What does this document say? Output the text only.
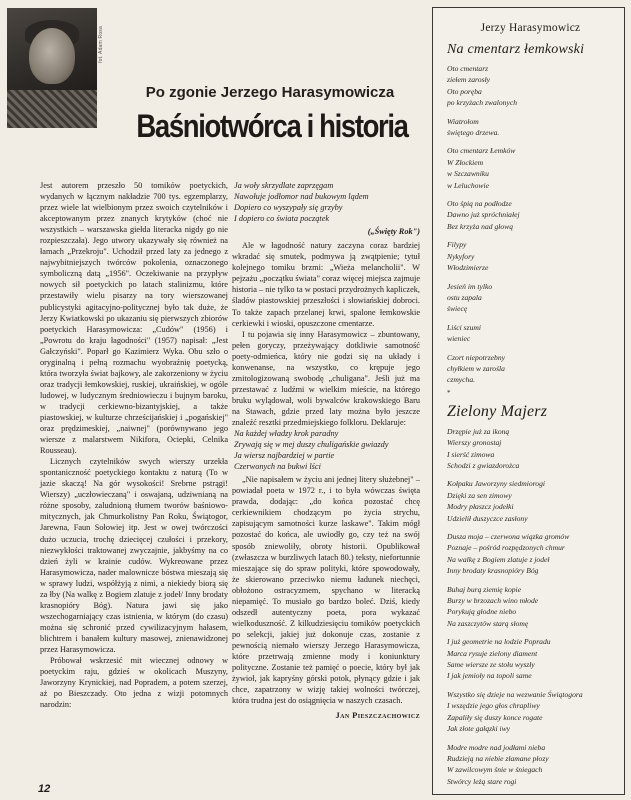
fot. Adam Rosa
Po zgonie Jerzego Harasymowicza
Baśniotwórca i historia

Jest autorem przeszło 50 tomików poetyckich, wydanych w łącznym nakładzie 700 tys. egzemplarzy, przez wiele lat wielbionym przez swoich czytelników i akceptowanym przez znanych krytyków (choć nie wszystkich – warszawska giełda literacka nigdy go nie rozpieszczała). Jego utwory ukazywały się również na łamach „Przekroju". Uchodził przed laty za jednego z najwybitniejszych twórców pokolenia, oznaczonego symboliczną datą „1956". Oczekiwanie na przypływ nowych sił poetyckich po latach stalinizmu, które przestawiły wielu pisarzy na tory wierszowanej publicystyki agitacyjno-politycznej było tak duże, że Jerzy Kwiatkowski po ukazaniu się pierwszych zbiorów poetyckich Harasymowicza: „Cudów" (1956) i „Powrotu do kraju łagodności" (1957) napisał: „Jest Gałczyński". Poparł go Kazimierz Wyka. Obu szło o oryginalną i pełną rozmachu wyobraźnię poetycką, która tworzyła świat bajkowy, ale zakorzeniony w życiu oraz tradycji łemkowskiej, ruskiej, ukraińskiej, w ogóle ludowej, w ludycznym średniowieczu i bujnym baroku, w tradycji cerkiewno-bizantyjskiej, a także piastowskiej, w kulturze chrześcijańskiej i „pogańskiej" oraz prędzimeskiej, „naiwnej" (porównywano jego wiersze z malarstwem Nikifora, Ociepki, Celnika Rousseau).

Licznych czytelników swych wierszy urzekła spontaniczność poetyckiego kontaktu z naturą (To w jazie skaczą! Na gór wysokości! Srebrne pstrągi! Wierszy) „uczłowieczaną" i oswajaną, udziwnianą na różne sposoby, zaludnioną tłumem tworów baśniowo-mitycznych, jak Chmurkolistny Pan Roku, Świątogor, Jarewna, Faun Sołowiej itp. Jest w owej twórczości dużo uczucia, trochę dziecięcej czułości i przekory, niezwykłości traktowanej zwyczajnie, jakbyśmy na co dzień żyli w krainie cudów. Wykreowane przez Harasymowicza, nader malownicze bóstwa mieszają się w sprawy ludzi, współżyją z nimi, a niekiedy biorą się za łby (Na walkę z Bogiem zlatuje z jodeł/ Inny brodaty krasnopióry Bóg). Natura jawi się jako wszechogarniający czas istnienia, w którym (do czasu) można się schronić przed cywilizacyjnym hałasem, blichtrem i banałem kultury masowej, znienawidzonej przez Harasymowicza.

Próbował wskrzesić mit wiecznej odnowy w poetyckim raju, gdzieś w okolicach Muszyny, Jaworzyny Krynickiej, nad Popradem, a potem szerzej, aż po Bieszczady. Oto jedna z wizji potomnych narodzin:

Ja woły skrzydlate zaprzęgam
Nawołuje jodłomor nad bukowym lądem
Dopiero co wyszypały się grzyby
I dopiero co świata początek
(„Święty Rok")

Ale w łagodność natury zaczyna coraz bardziej wkradać się smutek, podmywa ją zwątpienie; tytuł kolejnego tomiku brzmi: „Wieża melancholii". W pejzażu „początku świata" coraz więcej miejsca zajmuje historia – nie tylko ta w postaci przydrożnych kapliczek, śladów piastowskiej przeszłości i słowiańskiej dobroci. To także zapach przelanej krwi, spalone łemkowskie cerkiewki i wioski, opuszczone cmentarze.

I tu pojawia się inny Harasymowicz – zbuntowany, pełen goryczy, przeżywający dotkliwie samotność poety-odmieńca, który nie godzi się na układy i konwenanse, na wszystko, co krępuje jego zmitologizowaną swobodę „chuligana". Jeśli już ma przestawać z ludźmi w wielkim mieście, na którego bruku wylądował, woli bywalców krakowskiego Baru na Stawach, gdzie przed laty można było jeszcze znaleźć resztki przedmiejskiego folkloru. Deklaruje:

Na każdej władzy krok paradny
Zrywają się w mej duszy chuligańskie gwiazdy
Ja wiersz najbardziej w partie
Czerwonych na bukwi lści

„Nie napisałem w życiu ani jednej litery służebnej" – powiadał poeta w 1972 r., i to była wówczas święta prawda, dodając: „do końca pozostać chcę cerkiewnikiem chodzącym po życia strychu, zapisującym samotności kurze laskawe". Takim mógł pozostać do końca, ale uwiodły go, czy też na swój sposób zniewoliły, obroty historii. Opublikował (zwłaszcza w burzliwych latach 80.) teksty, niefortunnie mieszające się do spraw polityki, które spowodowały, że skierowano przeciwko niemu ładunek niechęci, obłożono ostracyzmem, spychano w literacką niepamięć. To musiało go bardzo boleć. Dziś, kiedy odszedł autentyczny poeta, pora wykazać wielkoduszność. Z kilkudziesięciu tomików poetyckich po selekcji, jakiej już dokonuje czas, zostanie z pewnością niemało wierszy Jerzego Harasymowicza, które przetrwają zmienne mody i koniunktury polityczne. Zostanie też pamięć o poecie, który był jak żywioł, jak kapryśny górski potok, płynący gdzie i jak chce, zapatrzony w wizję takiej wolności twórczej, która trudna jest do osiągnięcia w naszych czasach.

Jan Pieszczachowicz
12
Jerzy Harasymowicz
Na cmentarz łemkowski
Oto cmentarz
ziełem zarosły
Oto poręba
po krzyżach zwalonych
Wiatrołom
świętego drzewa.
Oto cmentarz Łemków
W Złockiem
w Szczawniku
w Leluchowie
Oto śpią na podłodze
Dawno już spróchniałej
Bez krzyża nad głową
Filypy
Nykyfory
Włodzimierze
Jesień im tylko
ostu zapala
świecę
Liści szumi
wieniec
Czort niepotrzebny
chyłkiem w zarośla
czmycha.
*
Zielony Majerz
Drzępie już za ikoną
Wierszy gronostaj
I sierść zimowa
Schodzi z gwiazdorożca
Kołpaku Jaworzyny siedmiorogi
Dzięki za sen zimowy
Modry płaszcz jodełki
Udzielił duszyczce zasłony
Dusza moja – czerwona wiązka gromów
Poznaje – pośród rozpędzonych chmur
Na walkę z Bogiem zlatuje z jodeł
Inny brodaty krasnopióry Bóg
Buhaj burą ziemię kopie
Burzy w brzozach wino młode
Porykują głodne niebo
Na zaszczytów starą słomę
I już geometrie na lodzie Popradu
Marca rysuje zielony diament
Same wiersze ze stołu wyszły
I jak jemioły na topoli same
Wszystko się dzieje na wezwanie Świątogora
I wszędzie jego głos chrapliwy
Zapaliły się duszy konce rogate
Jak złote gałązki iwy
Modre modre nad jodłami nieba
Rudzieją na niebie złamane płozy
W zawilcowym śnie w śniegach
Stwórcy leżą stare rogi
